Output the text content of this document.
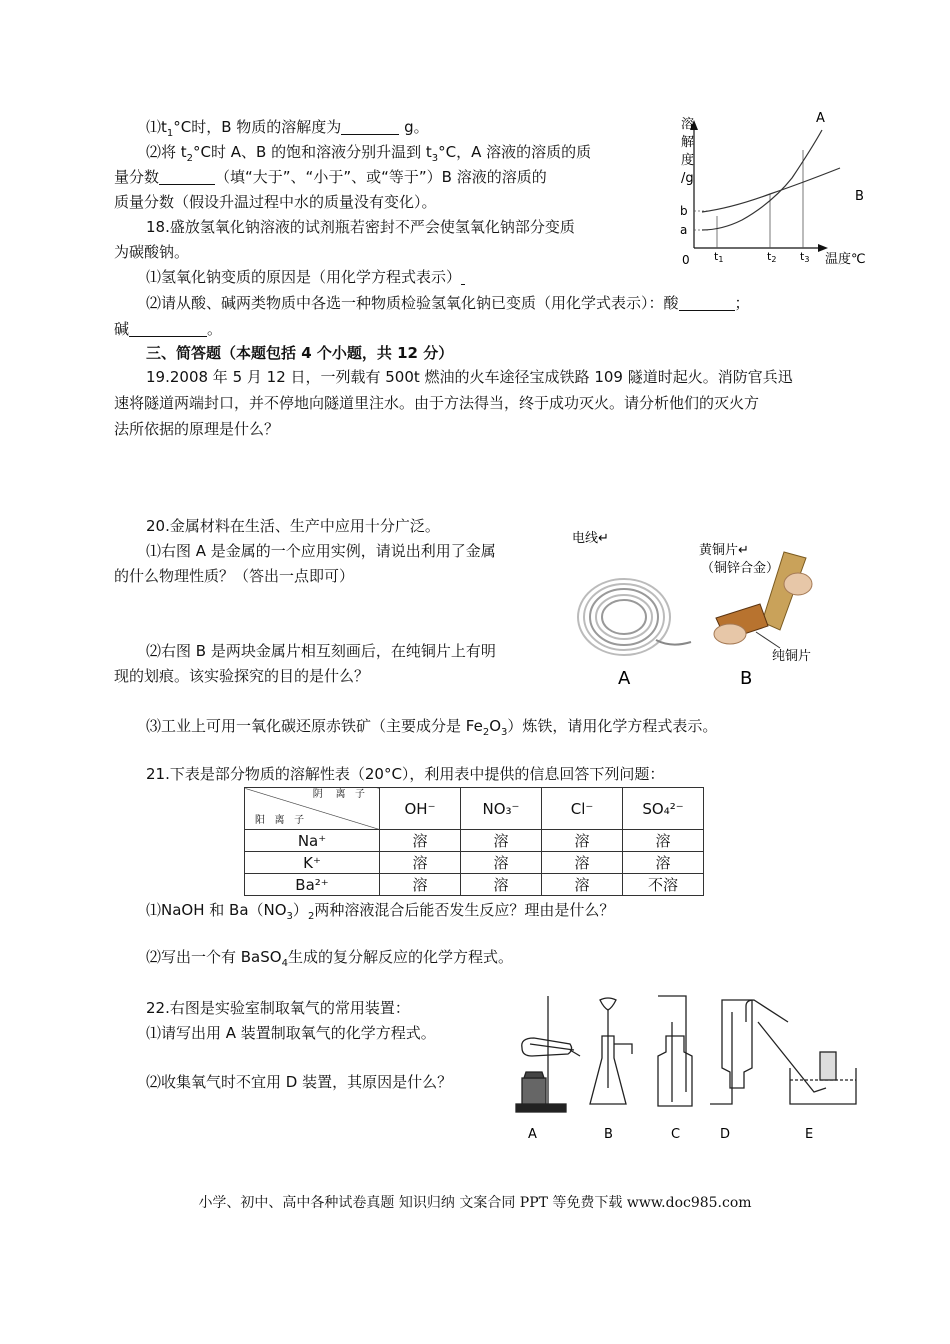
$⑴t_1^\circ C$时，B 物质的溶解度为	g。
⑵将 $t_2^\circ C$时 A、B 的饱和溶液分别升温到 $t_3^\circ C$，A 溶液的溶质的质
量分数	（填“大于”、“小于”、或“等于”）B 溶液的溶质的
质量分数（假设升温过程中水的质量没有变化）。
溶解度/g
温度℃
0
b
a
t1	t2 t3
A
B
18.盛放氢氧化钠溶液的试剂瓶若密封不严会使氢氧化钠部分变质
为碳酸钠。
⑴氢氧化钠变质的原因是（用化学方程式表示）
⑵请从酸、碱两类物质中各选一种物质检验氢氧化钠已变质（用化学式表示）：酸	；
碱	。
三、简答题（本题包括 4 个小题，共 12 分）
19.2008 年 5 月 12 日，一列载有 500t 燃油的火车途径宝成铁路 109 隧道时起火。消防官兵迅
速将隧道两端封口，并不停地向隧道里注水。由于方法得当，终于成功灭火。请分析他们的灭火方
法所依据的原理是什么？
20.金属材料在生活、生产中应用十分广泛。
⑴右图 A 是金属的一个应用实例，请说出利用了金属
的什么物理性质？（答出一点即可）
⑵右图 B 是两块金属片相互刻画后，在纯铜片上有明
现的划痕。该实验探究的目的是什么？
⑶工业上可用一氧化碳还原赤铁矿（主要成分是 $Fe_2O_3$）炼铁，请用化学方程式表示。
电线↵
黄铜片↵
（铜锌合金）
纯铜片
A	B
21.下表是部分物质的溶解性表（20°C），利用表中提供的信息回答下列问题：
阴 离 子
阳 离 子	OH⁻	NO₃⁻	Cl⁻	SO₄²⁻
Na⁺	溶	溶	溶	溶
K⁺	溶	溶	溶	溶
Ba²⁺	溶	溶	溶	不溶
⑴NaOH 和 $Ba(NO_3)_2$两种溶液混合后能否发生反应？理由是什么？
⑵写出一个有 BaSO$_4$生成的复分解反应的化学方程式。
22.右图是实验室制取氧气的常用装置：
⑴请写出用 A 装置制取氧气的化学方程式。
⑵收集氧气时不宜用 D 装置，其原因是什么？
A	B	C	D	E
小学、初中、高中各种试卷真题 知识归纳 文案合同 PPT 等免费下载 www.doc985.com
